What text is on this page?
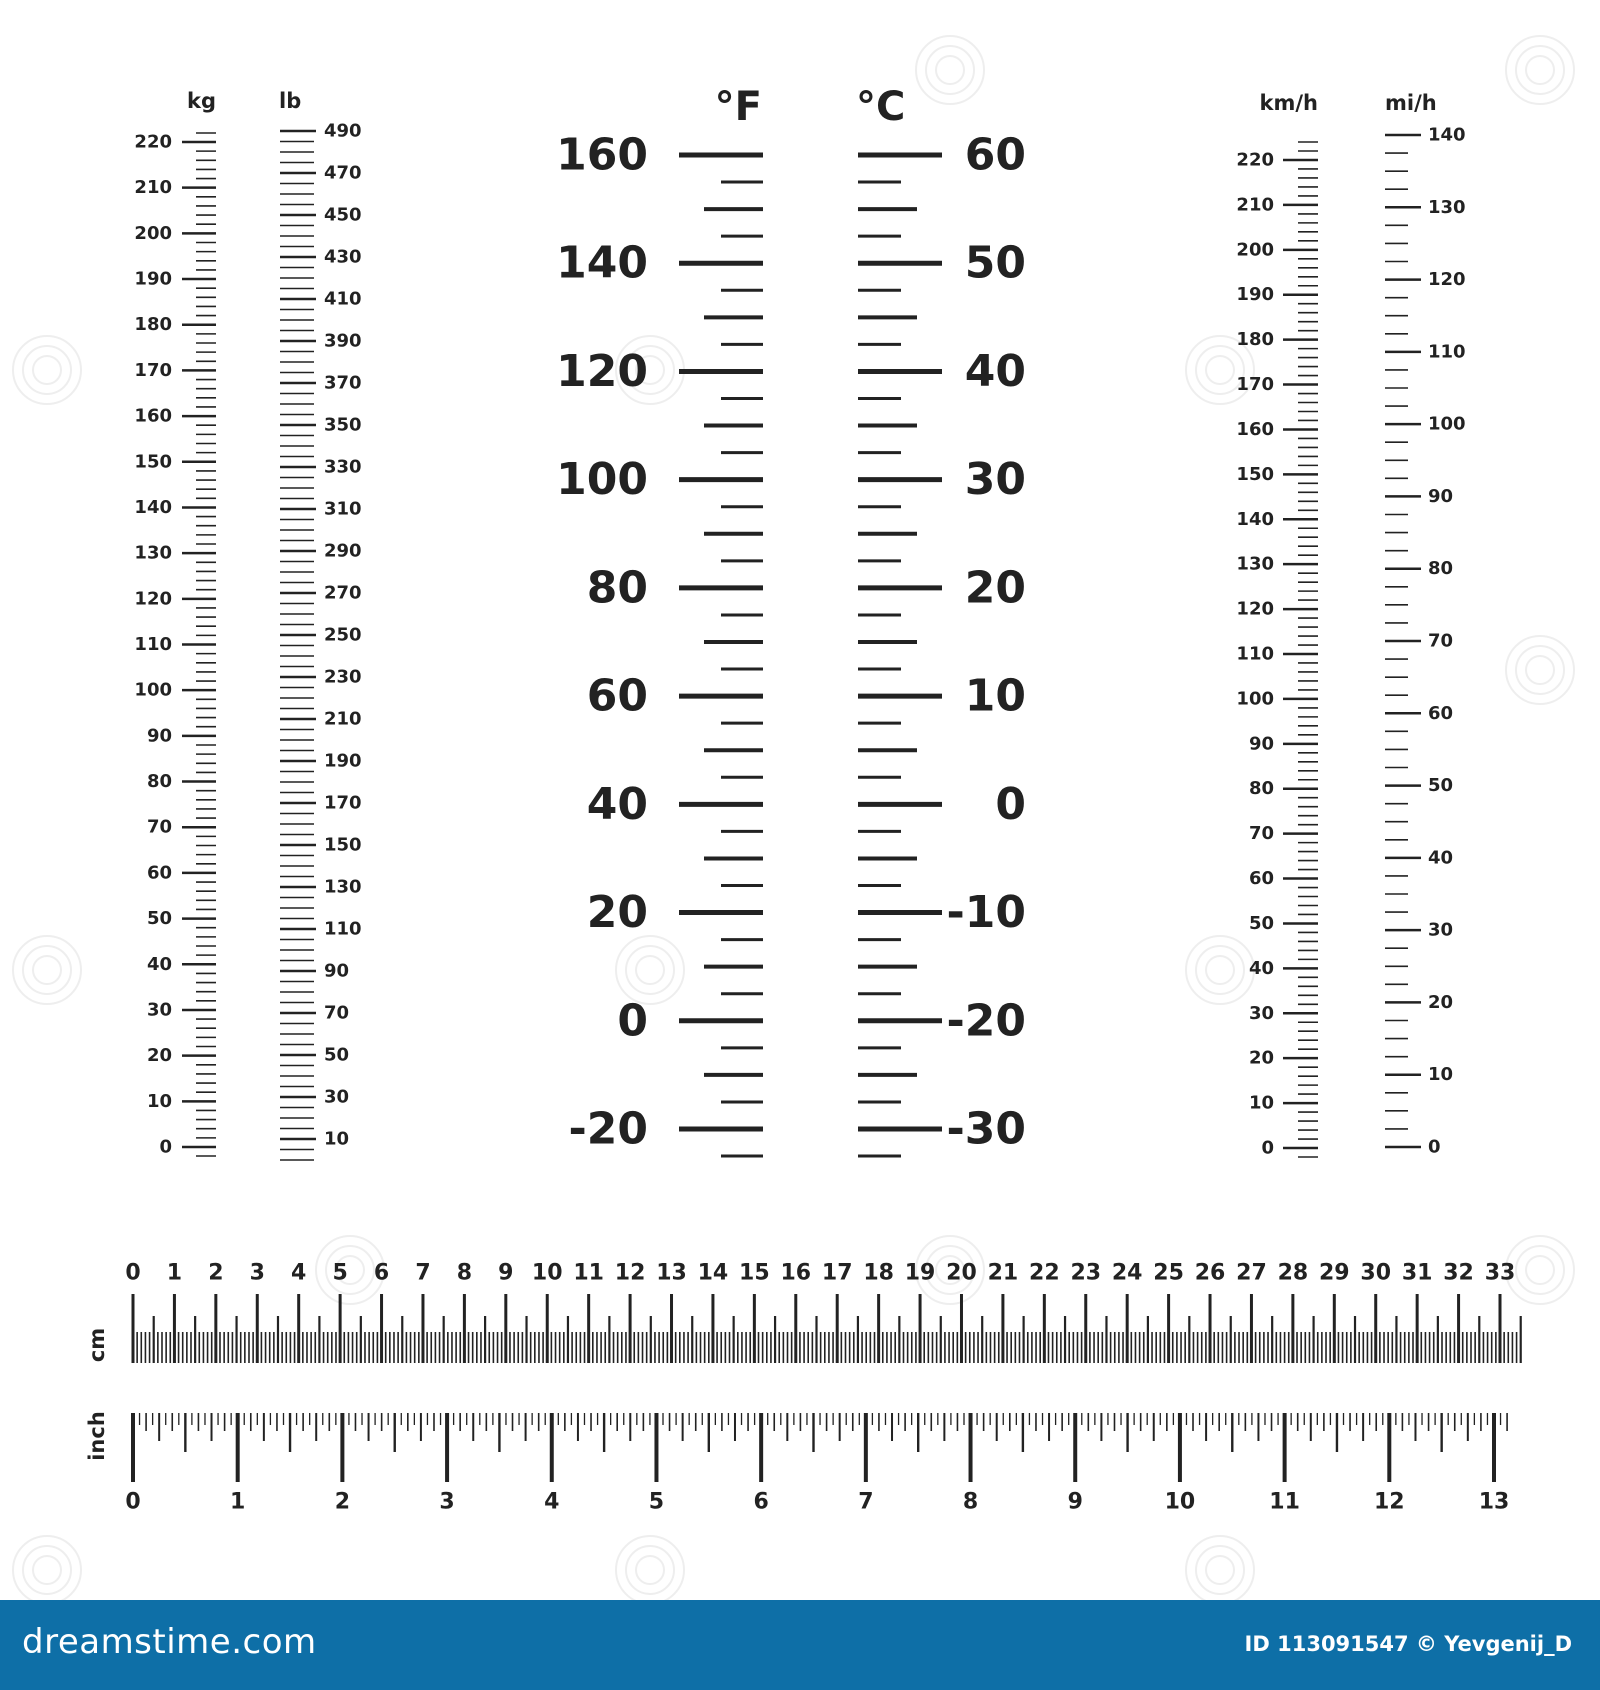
kg
0
10
20
30
40
50
60
70
80
90
100
110
120
130
140
150
160
170
180
190
200
210
220
lb
10
30
50
70
90
110
130
150
170
190
210
230
250
270
290
310
330
350
370
390
410
430
450
470
490
°F
-20
0
20
40
60
80
100
120
140
160
°C
-30
-20
-10
0
10
20
30
40
50
60
km/h
0
10
20
30
40
50
60
70
80
90
100
110
120
130
140
150
160
170
180
190
200
210
220
mi/h
0
10
20
30
40
50
60
70
80
90
100
110
120
130
140
cm
0 1 2 3 4 5 6 7 8 9 10 11 12 13 14 15 16 17 18 19 20 21 22 23 24 25 26 27 28 29 30 31 32 33
inch
0	1	2	3	4	5	6	7	8	9	10	11	12	13
dreamstime.com	ID 113091547 © Yevgenij_D
